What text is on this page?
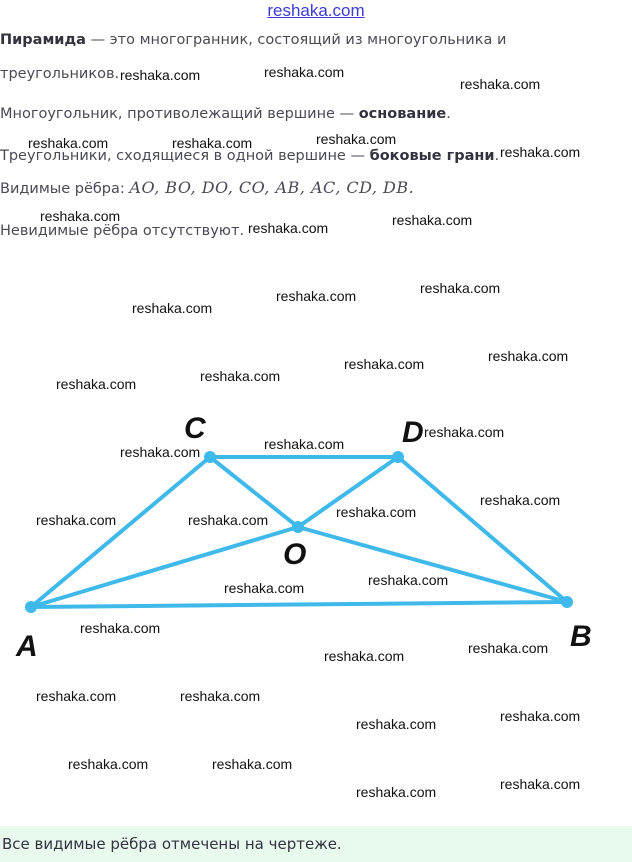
reshaka.com

Пирамида — это многогранник, состоящий из многоугольника и

треугольников.

Многоугольник, противолежащий вершине — основание.

Треугольники, сходящиеся в одной вершине — боковые грани.

Видимые рёбра: AO, BO, DO, CO, AB, AC, CD, DB.

Невидимые рёбра отсутствуют.

C	D
O
A	B
reshaka.com	reshaka.com
reshaka.com
reshaka.com	reshaka.com	reshaka.com
reshaka.com
reshaka.com
reshaka.com	reshaka.com
reshaka.com
reshaka.com	reshaka.com
reshaka.com	reshaka.com
reshaka.com	reshaka.com
reshaka.com	reshaka.com
reshaka.com
reshaka.com	reshaka.com	reshaka.com
reshaka.com
reshaka.com
reshaka.com
reshaka.com
reshaka.com	reshaka.com
reshaka.com	reshaka.com
reshaka.com	reshaka.com
reshaka.com	reshaka.com
reshaka.com	reshaka.com
Все видимые рёбра отмечены на чертеже.
